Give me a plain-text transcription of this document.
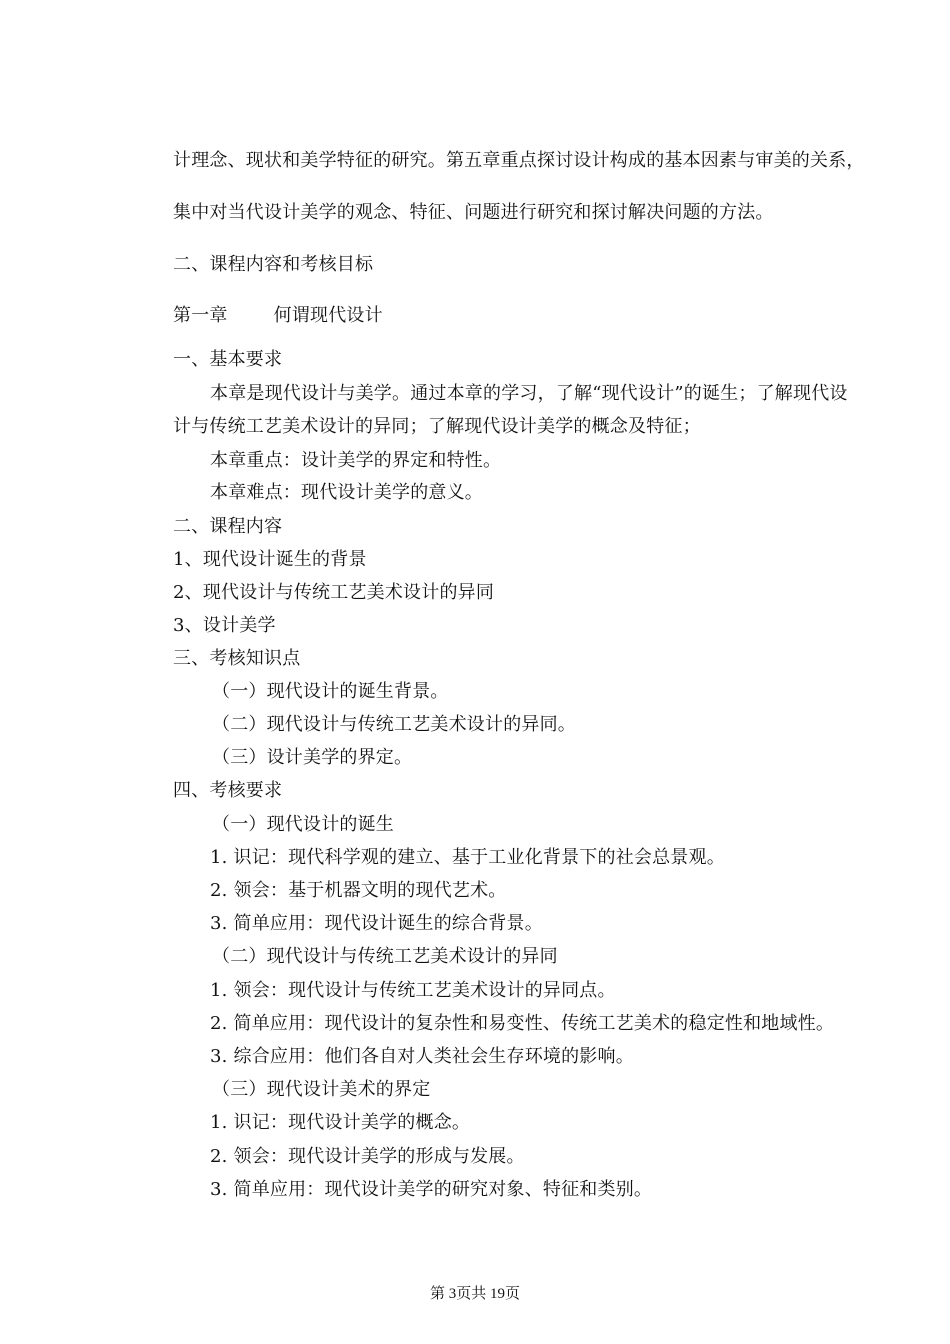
计理念、现状和美学特征的研究。第五章重点探讨设计构成的基本因素与审美的关系，
集中对当代设计美学的观念、特征、问题进行研究和探讨解决问题的方法。
二、课程内容和考核目标
第一章	何谓现代设计
一、基本要求
本章是现代设计与美学。通过本章的学习，了解“现代设计”的诞生；了解现代设
计与传统工艺美术设计的异同；了解现代设计美学的概念及特征；
本章重点：设计美学的界定和特性。
本章难点：现代设计美学的意义。
二、课程内容
1、现代设计诞生的背景
2、现代设计与传统工艺美术设计的异同
3、设计美学
三、考核知识点
（一）现代设计的诞生背景。
（二）现代设计与传统工艺美术设计的异同。
（三）设计美学的界定。
四、考核要求
（一）现代设计的诞生
1. 识记：现代科学观的建立、基于工业化背景下的社会总景观。
2. 领会：基于机器文明的现代艺术。
3. 简单应用：现代设计诞生的综合背景。
（二）现代设计与传统工艺美术设计的异同
1. 领会：现代设计与传统工艺美术设计的异同点。
2. 简单应用：现代设计的复杂性和易变性、传统工艺美术的稳定性和地域性。
3. 综合应用：他们各自对人类社会生存环境的影响。
（三）现代设计美术的界定
1. 识记：现代设计美学的概念。
2. 领会：现代设计美学的形成与发展。
3. 简单应用：现代设计美学的研究对象、特征和类别。
第 3页共 19页
